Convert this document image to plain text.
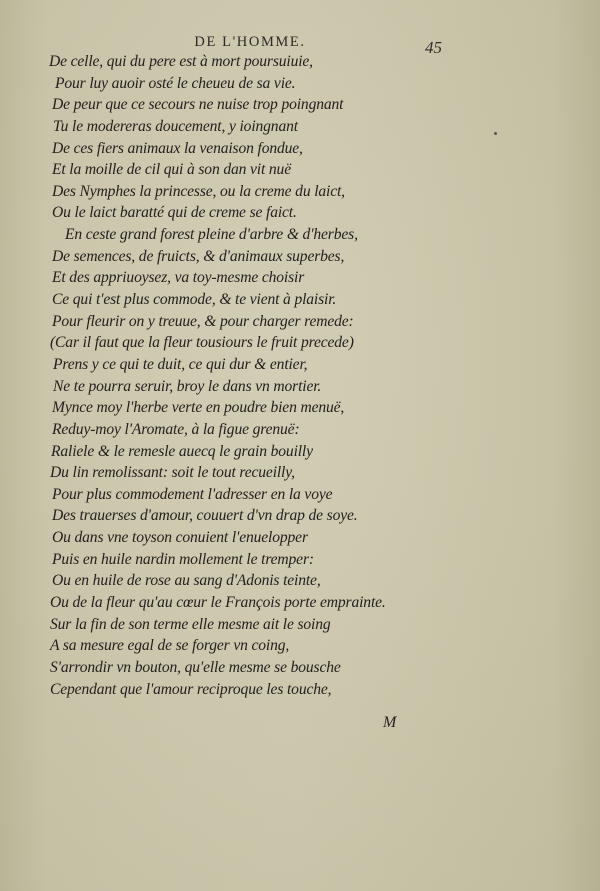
DE L'HOMME.	45
De celle, qui du pere est à mort poursuiuie,
Pour luy auoir osté le cheueu de sa vie.
De peur que ce secours ne nuise trop poingnant
Tu le modereras doucement, y ioingnant
De ces fiers animaux la venaison fondue,
Et la moille de cil qui à son dan vit nuë
Des Nymphes la princesse, ou la creme du laict,
Ou le laict baratté qui de creme se faict.
En ceste grand forest pleine d'arbre & d'herbes,
De semences, de fruicts, & d'animaux superbes,
Et des appriuoysez, va toy-mesme choisir
Ce qui t'est plus commode, & te vient à plaisir.
Pour fleurir on y treuue, & pour charger remede:
(Car il faut que la fleur tousiours le fruit precede)
Prens y ce qui te duit, ce qui dur & entier,
Ne te pourra seruir, broy le dans vn mortier.
Mynce moy l'herbe verte en poudre bien menuë,
Reduy-moy l'Aromate, à la figue grenuë:
Raliele & le remesle auecq le grain bouilly
Du lin remolissant: soit le tout recueilly,
Pour plus commodement l'adresser en la voye
Des trauerses d'amour, couuert d'vn drap de soye.
Ou dans vne toyson conuient l'enuelopper
Puis en huile nardin mollement le tremper:
Ou en huile de rose au sang d'Adonis teinte,
Ou de la fleur qu'au cœur le François porte emprainte.
Sur la fin de son terme elle mesme ait le soing
A sa mesure egal de se forger vn coing,
S'arrondir vn bouton, qu'elle mesme se bousche
Cependant que l'amour reciproque les touche,
M
